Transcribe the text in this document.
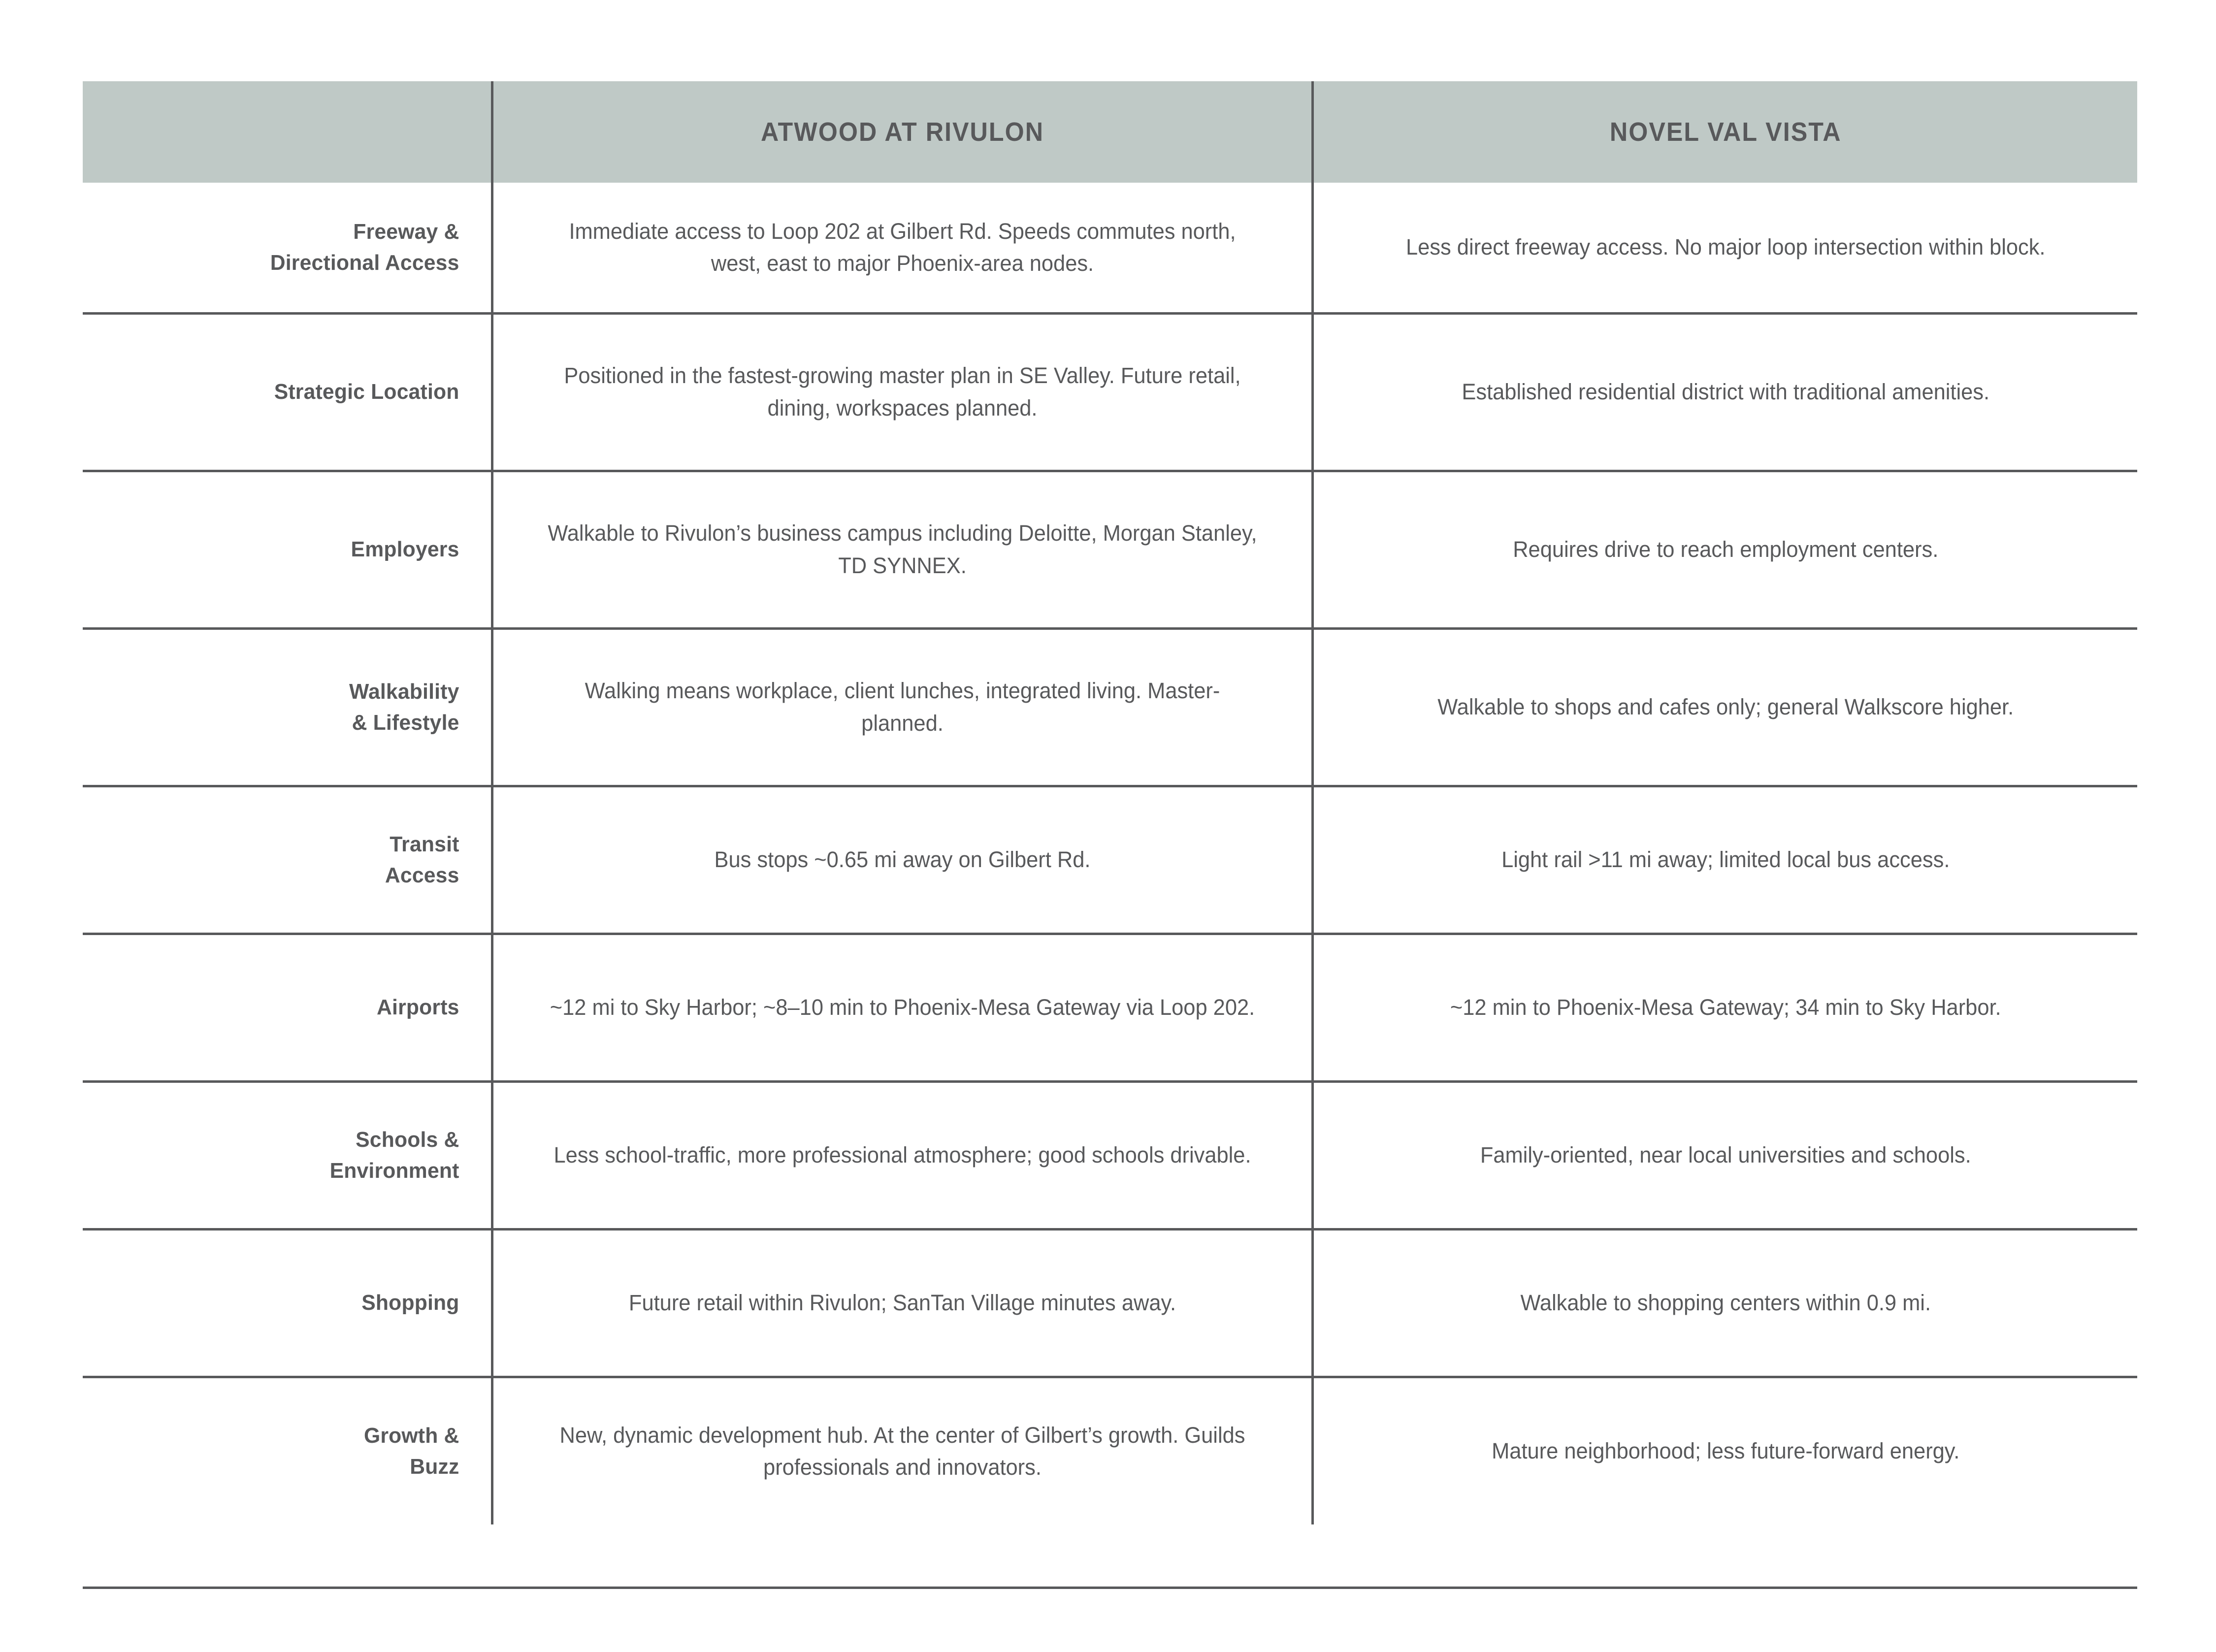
	ATWOOD AT RIVULON	NOVEL VAL VISTA

Freeway &
Directional Access	Immediate access to Loop 202 at Gilbert Rd. Speeds commutes north, west, east to major Phoenix-area nodes.	Less direct freeway access. No major loop intersection within block.

Strategic Location	Positioned in the fastest-growing master plan in SE Valley. Future retail, dining, workspaces planned.	Established residential district with traditional amenities.

Employers	Walkable to Rivulon’s business campus including Deloitte, Morgan Stanley, TD SYNNEX.	Requires drive to reach employment centers.

Walkability
& Lifestyle	Walking means workplace, client lunches, integrated living. Master-planned.	Walkable to shops and cafes only; general Walkscore higher.

Transit
Access	Bus stops ~0.65 mi away on Gilbert Rd.	Light rail >11 mi away; limited local bus access.

Airports	~12 mi to Sky Harbor; ~8–10 min to Phoenix-Mesa Gateway via Loop 202.	~12 min to Phoenix-Mesa Gateway; 34 min to Sky Harbor.

Schools &
Environment	Less school-traffic, more professional atmosphere; good schools drivable.	Family-oriented, near local universities and schools.

Shopping	Future retail within Rivulon; SanTan Village minutes away.	Walkable to shopping centers within 0.9 mi.

Growth &
Buzz	New, dynamic development hub. At the center of Gilbert’s growth. Guilds professionals and innovators.	Mature neighborhood; less future-forward energy.
